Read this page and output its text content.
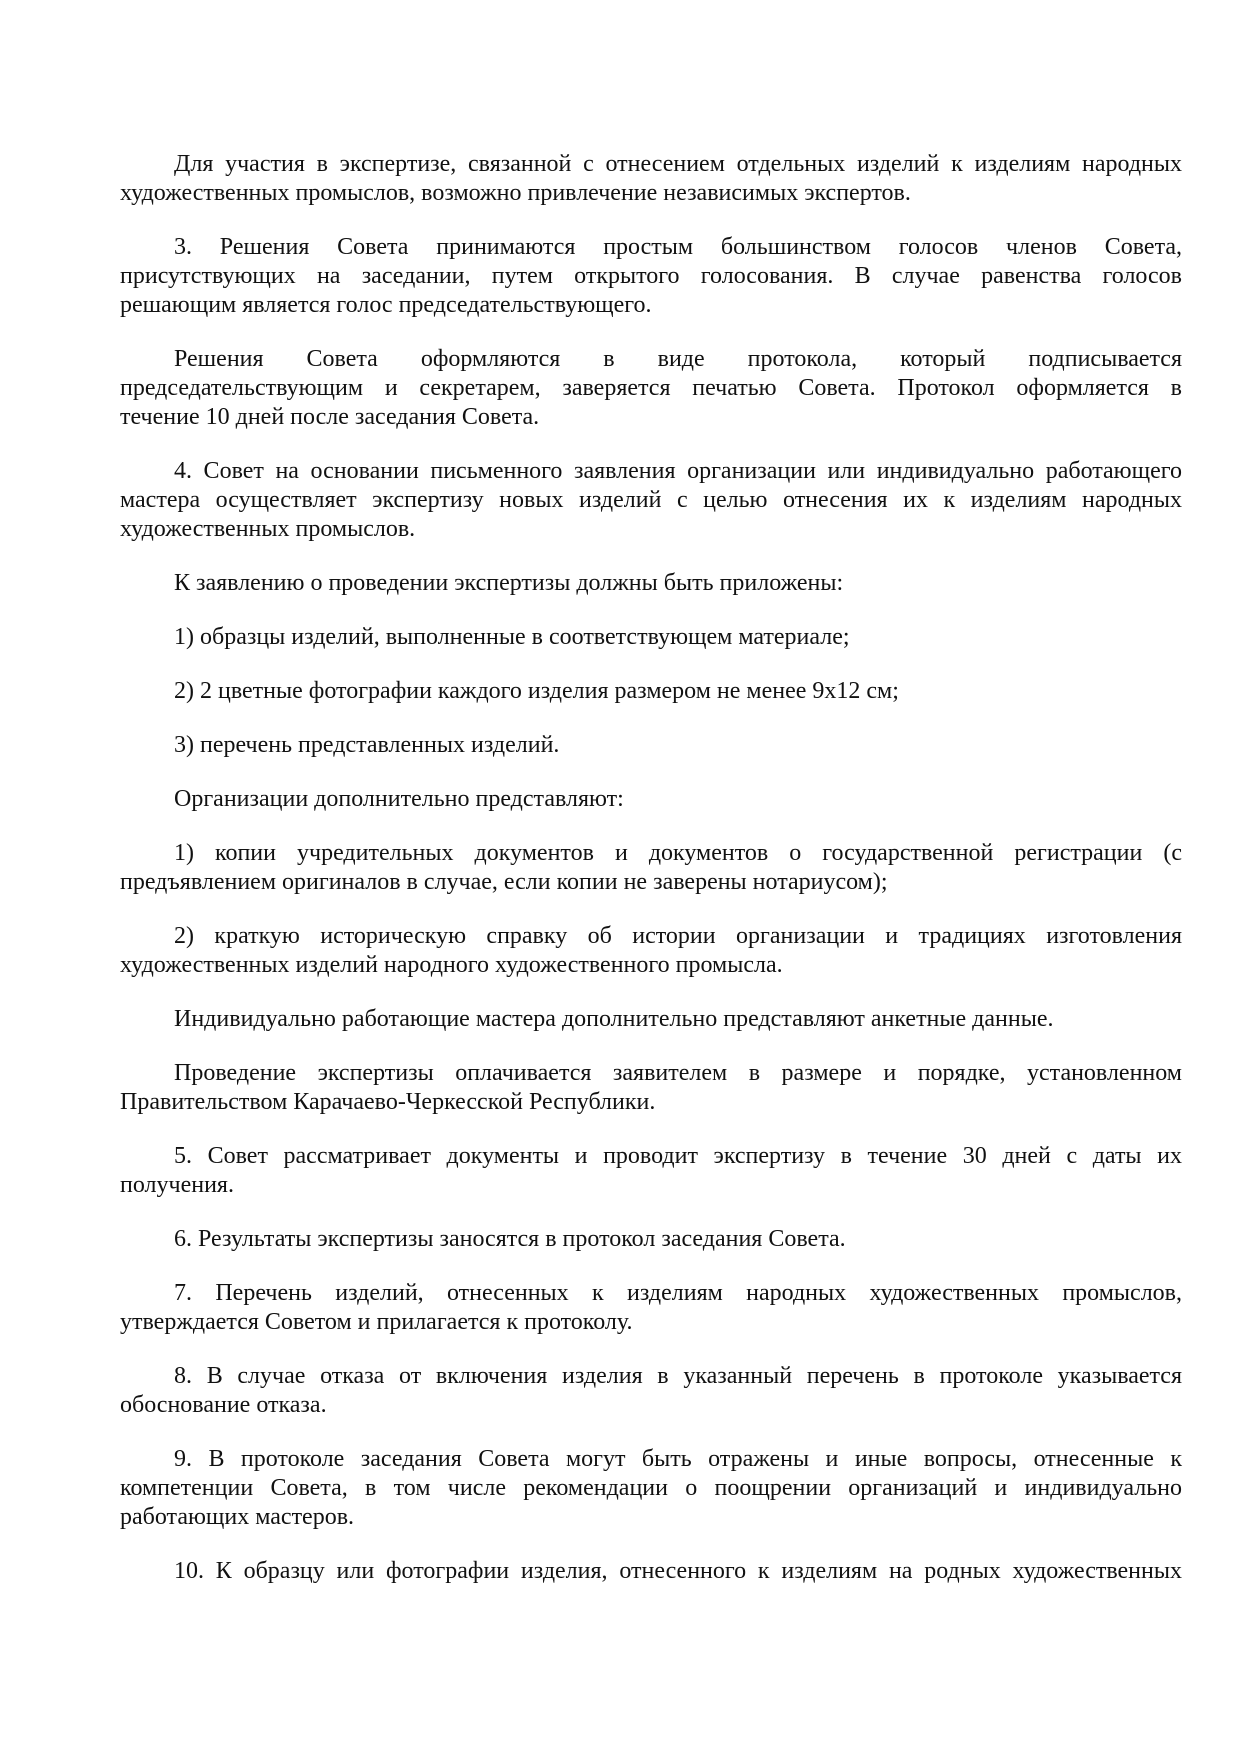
Для участия в экспертизе, связанной с отнесением отдельных изделий к изделиям народных
художественных промыслов, возможно привлечение независимых экспертов.
3. Решения Совета принимаются простым большинством голосов членов Совета,
присутствующих на заседании, путем открытого голосования. В случае равенства голосов
решающим является голос председательствующего.
Решения Совета оформляются в виде протокола, который подписывается
председательствующим и секретарем, заверяется печатью Совета. Протокол оформляется в
течение 10 дней после заседания Совета.
4. Совет на основании письменного заявления организации или индивидуально работающего
мастера осуществляет экспертизу новых изделий с целью отнесения их к изделиям народных
художественных промыслов.
К заявлению о проведении экспертизы должны быть приложены:
1) образцы изделий, выполненные в соответствующем материале;
2) 2 цветные фотографии каждого изделия размером не менее 9x12 см;
3) перечень представленных изделий.
Организации дополнительно представляют:
1) копии учредительных документов и документов о государственной регистрации (с
предъявлением оригиналов в случае, если копии не заверены нотариусом);
2) краткую историческую справку об истории организации и традициях изготовления
художественных изделий народного художественного промысла.
Индивидуально работающие мастера дополнительно представляют анкетные данные.
Проведение экспертизы оплачивается заявителем в размере и порядке, установленном
Правительством Карачаево-Черкесской Республики.
5. Совет рассматривает документы и проводит экспертизу в течение 30 дней с даты их
получения.
6. Результаты экспертизы заносятся в протокол заседания Совета.
7. Перечень изделий, отнесенных к изделиям народных художественных промыслов,
утверждается Советом и прилагается к протоколу.
8. В случае отказа от включения изделия в указанный перечень в протоколе указывается
обоснование отказа.
9. В протоколе заседания Совета могут быть отражены и иные вопросы, отнесенные к
компетенции Совета, в том числе рекомендации о поощрении организаций и индивидуально
работающих мастеров.
10. К образцу или фотографии изделия, отнесенного к изделиям на родных художественных
